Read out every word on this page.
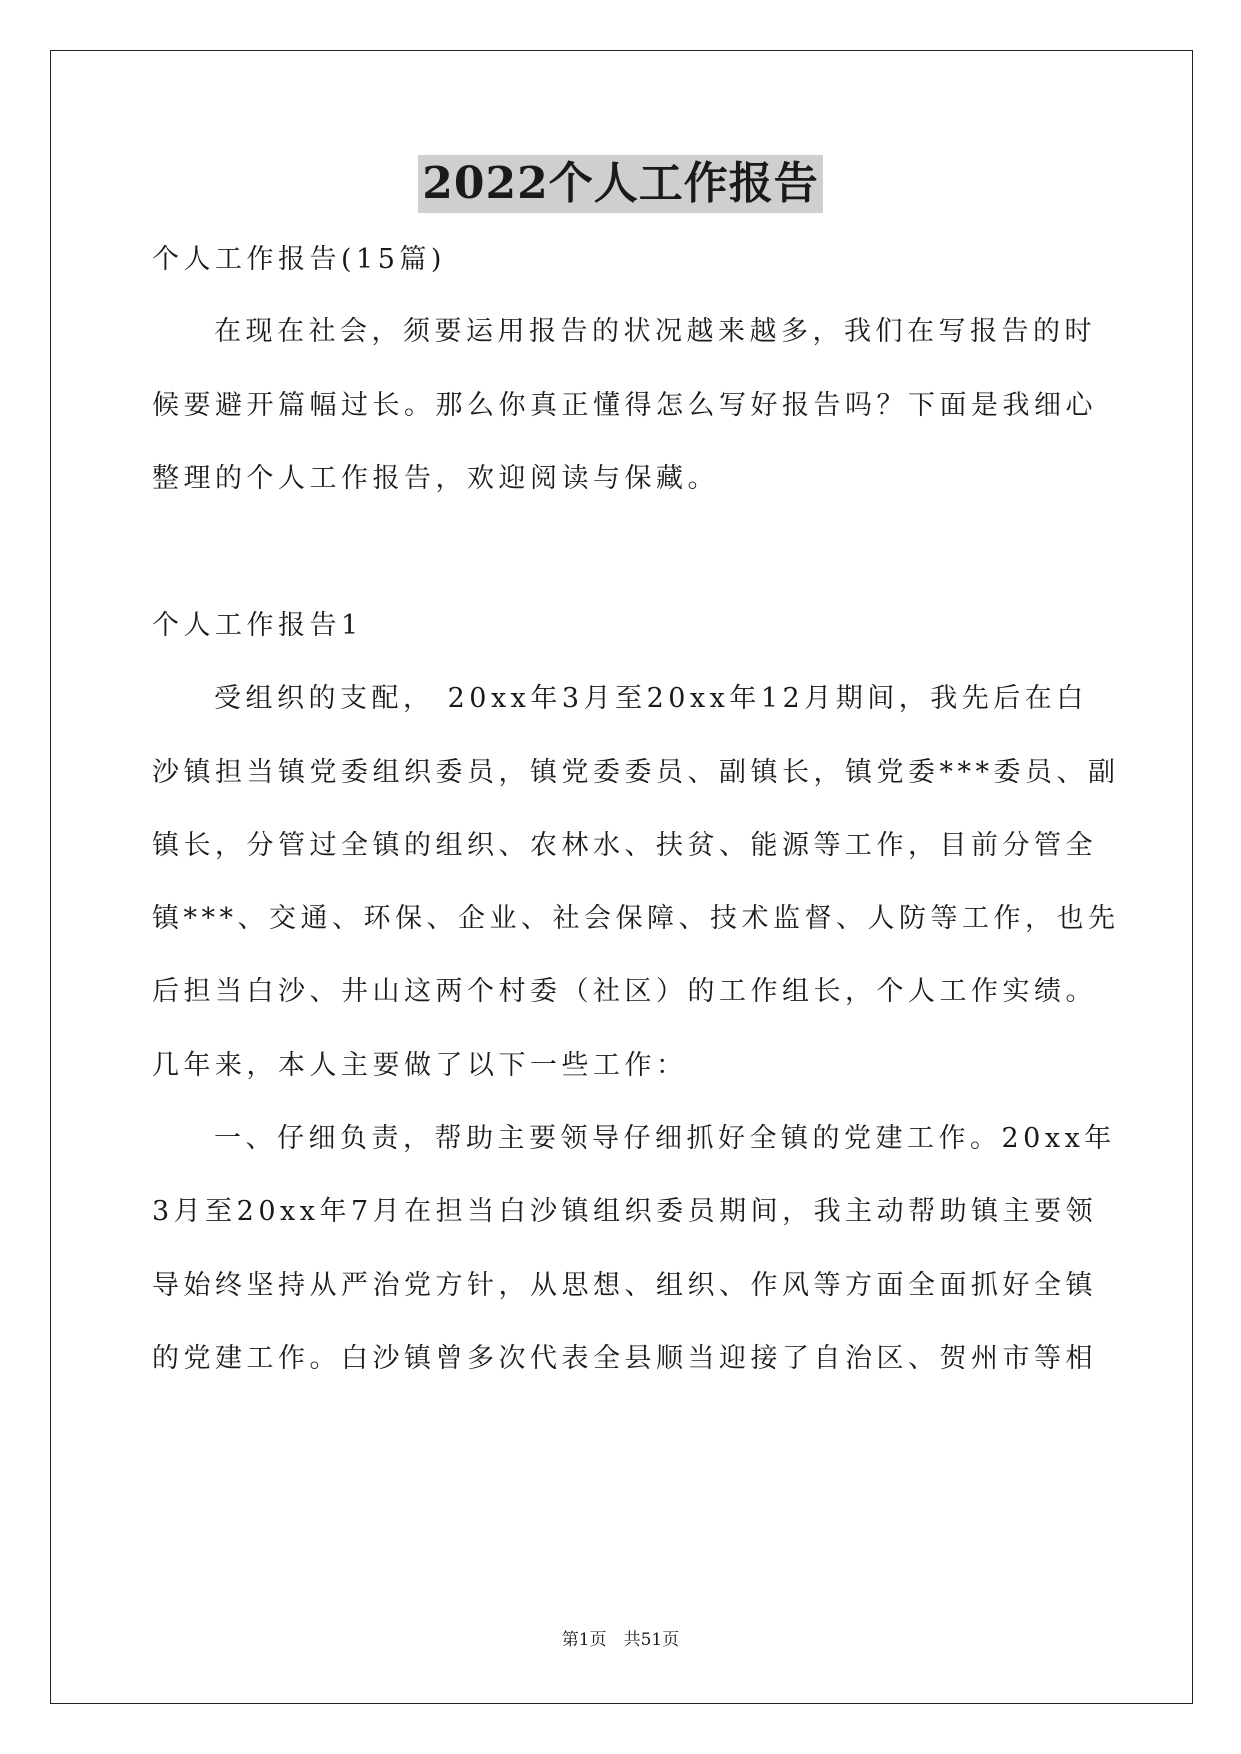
2022个人工作报告
个人工作报告(15篇)
在现在社会，须要运用报告的状况越来越多，我们在写报告的时
候要避开篇幅过长。那么你真正懂得怎么写好报告吗？下面是我细心
整理的个人工作报告，欢迎阅读与保藏。
个人工作报告1
受组织的支配， 20xx年3月至20xx年12月期间，我先后在白
沙镇担当镇党委组织委员，镇党委委员、副镇长，镇党委***委员、副
镇长，分管过全镇的组织、农林水、扶贫、能源等工作，目前分管全
镇***、交通、环保、企业、社会保障、技术监督、人防等工作，也先
后担当白沙、井山这两个村委（社区）的工作组长，个人工作实绩。
几年来，本人主要做了以下一些工作：
一、仔细负责，帮助主要领导仔细抓好全镇的党建工作。20xx年
3月至20xx年7月在担当白沙镇组织委员期间，我主动帮助镇主要领
导始终坚持从严治党方针，从思想、组织、作风等方面全面抓好全镇
的党建工作。白沙镇曾多次代表全县顺当迎接了自治区、贺州市等相
第1页　共51页
